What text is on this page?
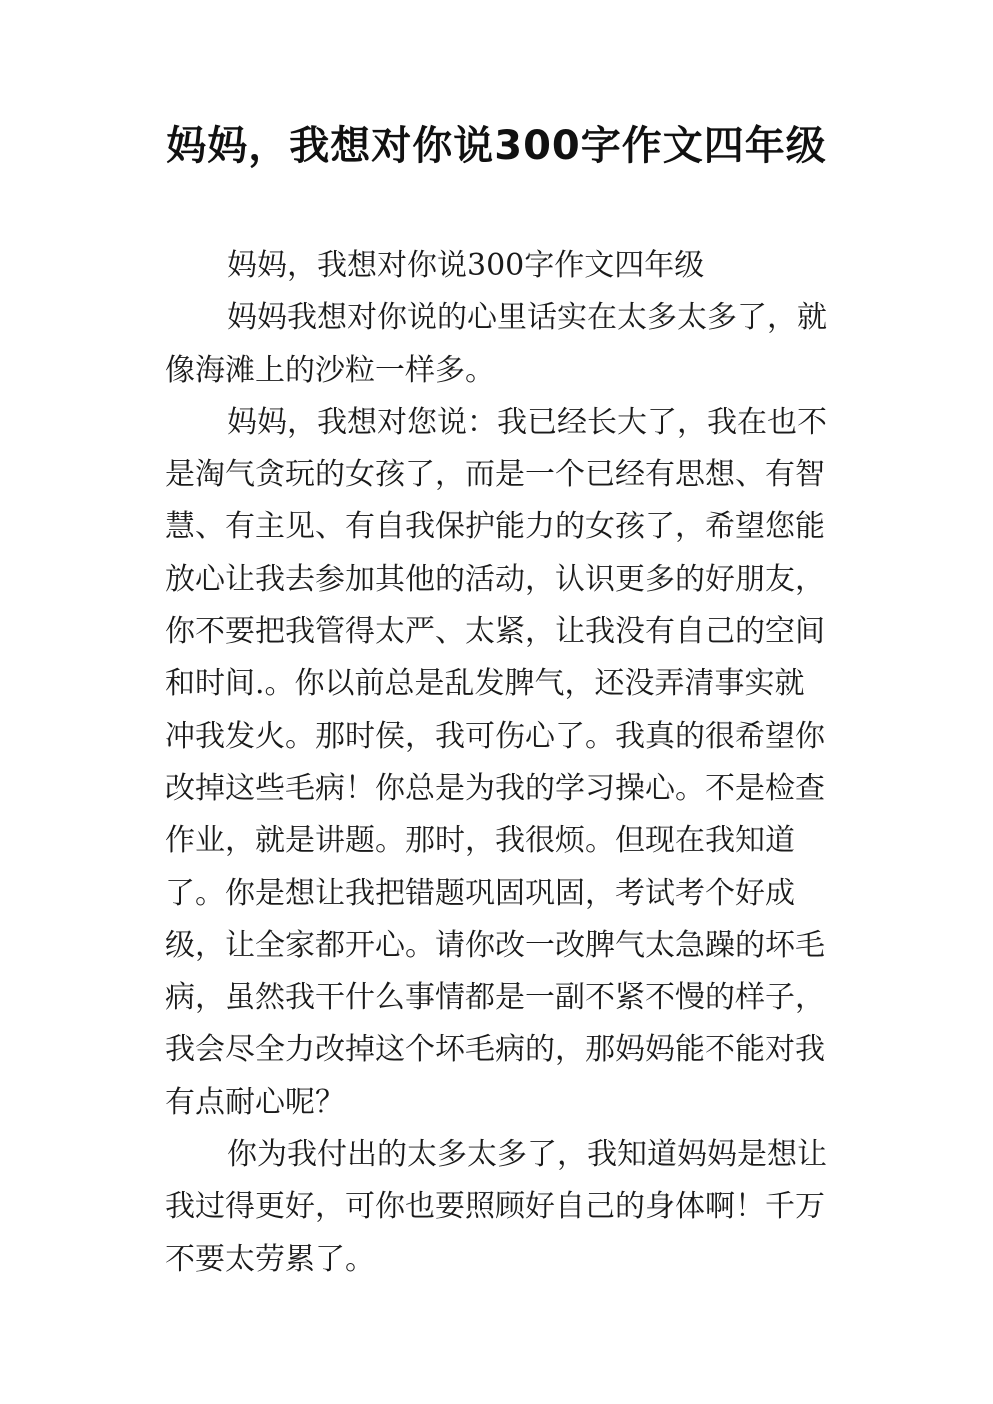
妈妈，我想对你说300字作文四年级

妈妈，我想对你说300字作文四年级

妈妈我想对你说的心里话实在太多太多了，就像海滩上的沙粒一样多。

妈妈，我想对您说：我已经长大了，我在也不是淘气贪玩的女孩了，而是一个已经有思想、有智慧、有主见、有自我保护能力的女孩了，希望您能放心让我去参加其他的活动，认识更多的好朋友，你不要把我管得太严、太紧，让我没有自己的空间和时间.。你以前总是乱发脾气，还没弄清事实就冲我发火。那时侯，我可伤心了。我真的很希望你改掉这些毛病！你总是为我的学习操心。不是检查作业，就是讲题。那时，我很烦。但现在我知道了。你是想让我把错题巩固巩固，考试考个好成级，让全家都开心。请你改一改脾气太急躁的坏毛病，虽然我干什么事情都是一副不紧不慢的样子，我会尽全力改掉这个坏毛病的，那妈妈能不能对我有点耐心呢？

你为我付出的太多太多了，我知道妈妈是想让我过得更好，可你也要照顾好自己的身体啊！千万不要太劳累了。
